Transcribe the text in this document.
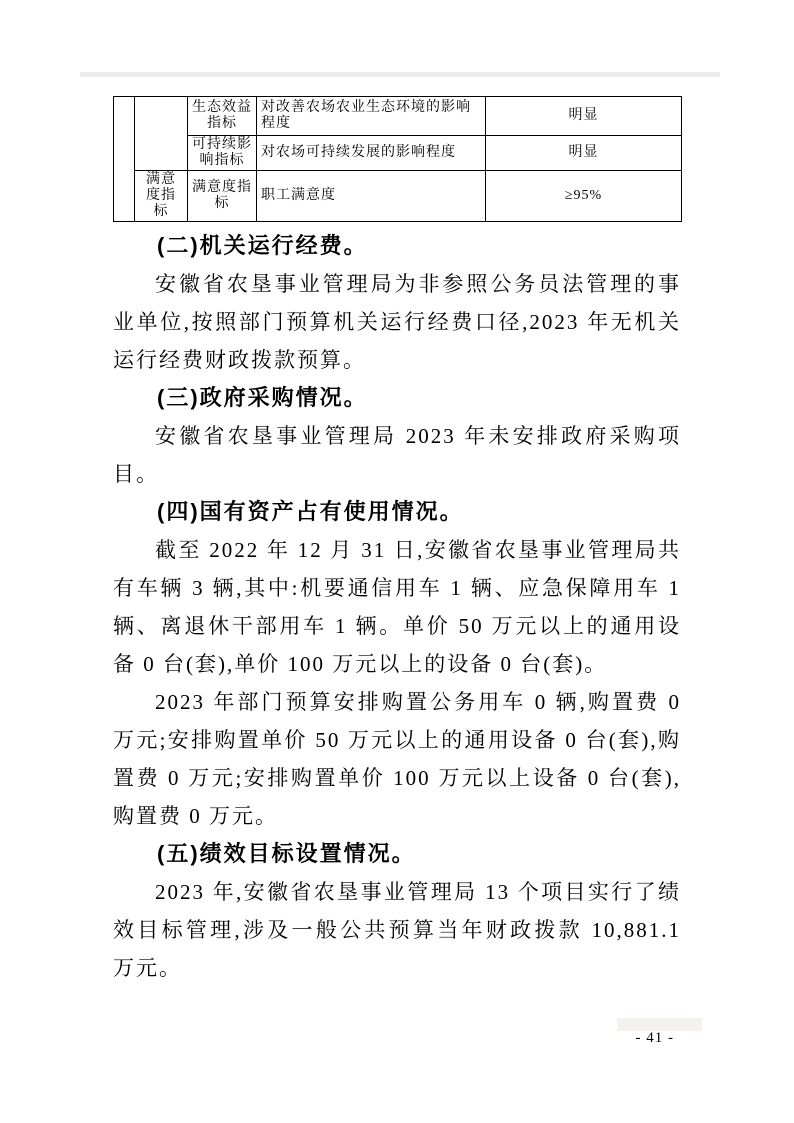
		生态效益指标	对改善农场农业生态环境的影响程度	明显
		可持续影响指标	对农场可持续发展的影响程度	明显
	满意度指标	满意度指标	职工满意度	≥95%
(二)机关运行经费。

安徽省农垦事业管理局为非参照公务员法管理的事业单位,按照部门预算机关运行经费口径,2023 年无机关运行经费财政拨款预算。

(三)政府采购情况。

安徽省农垦事业管理局 2023 年未安排政府采购项目。

(四)国有资产占有使用情况。

截至 2022 年 12 月 31 日,安徽省农垦事业管理局共有车辆 3 辆,其中:机要通信用车 1 辆、应急保障用车 1 辆、离退休干部用车 1 辆。单价 50 万元以上的通用设备 0 台(套),单价 100 万元以上的设备 0 台(套)。

2023 年部门预算安排购置公务用车 0 辆,购置费 0 万元;安排购置单价 50 万元以上的通用设备 0 台(套),购置费 0 万元;安排购置单价 100 万元以上设备 0 台(套),购置费 0 万元。

(五)绩效目标设置情况。

2023 年,安徽省农垦事业管理局 13 个项目实行了绩效目标管理,涉及一般公共预算当年财政拨款 10,881.1 万元。

- 41 -
